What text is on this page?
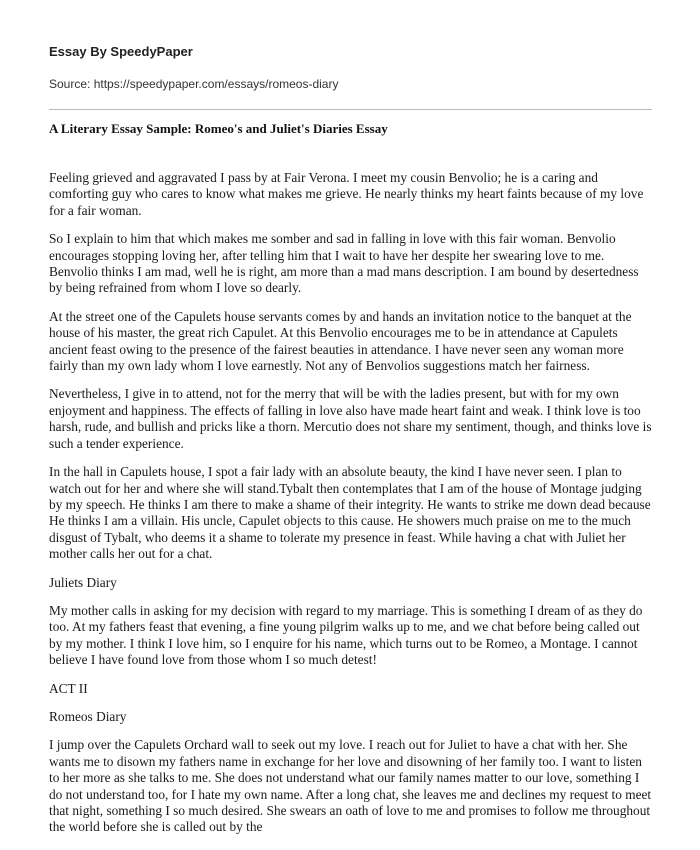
Essay By SpeedyPaper
Source: https://speedypaper.com/essays/romeos-diary
A Literary Essay Sample: Romeo's and Juliet's Diaries Essay

Feeling grieved and aggravated I pass by at Fair Verona. I meet my cousin Benvolio; he is a caring and comforting guy who cares to know what makes me grieve. He nearly thinks my heart faints because of my love for a fair woman.

So I explain to him that which makes me somber and sad in falling in love with this fair woman. Benvolio encourages stopping loving her, after telling him that I wait to have her despite her swearing love to me. Benvolio thinks I am mad, well he is right, am more than a mad mans description. I am bound by desertedness by being refrained from whom I love so dearly.

At the street one of the Capulets house servants comes by and hands an invitation notice to the banquet at the house of his master, the great rich Capulet. At this Benvolio encourages me to be in attendance at Capulets ancient feast owing to the presence of the fairest beauties in attendance. I have never seen any woman more fairly than my own lady whom I love earnestly. Not any of Benvolios suggestions match her fairness.

Nevertheless, I give in to attend, not for the merry that will be with the ladies present, but with for my own enjoyment and happiness. The effects of falling in love also have made heart faint and weak. I think love is too harsh, rude, and bullish and pricks like a thorn. Mercutio does not share my sentiment, though, and thinks love is such a tender experience.

In the hall in Capulets house, I spot a fair lady with an absolute beauty, the kind I have never seen. I plan to watch out for her and where she will stand.Tybalt then contemplates that I am of the house of Montage judging by my speech. He thinks I am there to make a shame of their integrity. He wants to strike me down dead because He thinks I am a villain. His uncle, Capulet objects to this cause. He showers much praise on me to the much disgust of Tybalt, who deems it a shame to tolerate my presence in feast. While having a chat with Juliet her mother calls her out for a chat.

Juliets Diary

My mother calls in asking for my decision with regard to my marriage. This is something I dream of as they do too. At my fathers feast that evening, a fine young pilgrim walks up to me, and we chat before being called out by my mother. I think I love him, so I enquire for his name, which turns out to be Romeo, a Montage. I cannot believe I have found love from those whom I so much detest!

ACT II

Romeos Diary

I jump over the Capulets Orchard wall to seek out my love. I reach out for Juliet to have a chat with her. She wants me to disown my fathers name in exchange for her love and disowning of her family too. I want to listen to her more as she talks to me. She does not understand what our family names matter to our love, something I do not understand too, for I hate my own name. After a long chat, she leaves me and declines my request to meet that night, something I so much desired. She swears an oath of love to me and promises to follow me throughout the world before she is called out by the
